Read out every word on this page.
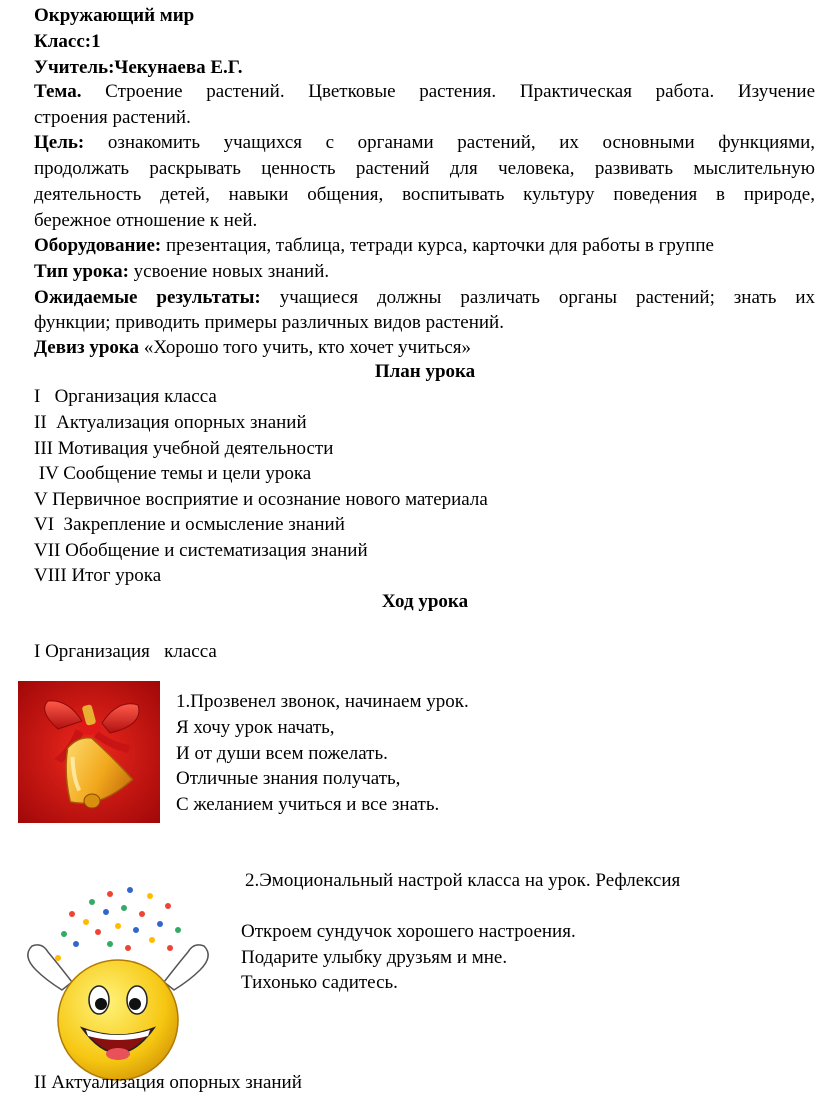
Окружающий мир
Класс:1
Учитель:Чекунаева Е.Г.
Тема. Строение растений. Цветковые растения. Практическая работа. Изучение
строения растений.
Цель: ознакомить учащихся с органами растений, их основными функциями,
продолжать раскрывать ценность растений для человека, развивать мыслительную
деятельность детей, навыки общения, воспитывать культуру поведения в природе,
бережное отношение к ней.
Оборудование: презентация, таблица, тетради курса, карточки для работы в группе
Тип урока: усвоение новых знаний.
Ожидаемые результаты: учащиеся должны различать органы растений; знать их
функции; приводить примеры различных видов растений.
Девиз урока «Хорошо того учить, кто хочет учиться»
План урока
I   Организация класса
II  Актуализация опорных знаний
III Мотивация учебной деятельности
IV Сообщение темы и цели урока
V Первичное восприятие и осознание нового материала
VI  Закрепление и осмысление знаний
VII Обобщение и систематизация знаний
VIII Итог урока
Ход урока
I Организация   класса
1.Прозвенел звонок, начинаем урок.
Я хочу урок начать,
И от души всем пожелать.
Отличные знания получать,
С желанием учиться и все знать.
2.Эмоциональный настрой класса на урок. Рефлексия
Откроем сундучок хорошего настроения.
Подарите улыбку друзьям и мне.
Тихонько садитесь.
II Актуализация опорных знаний
